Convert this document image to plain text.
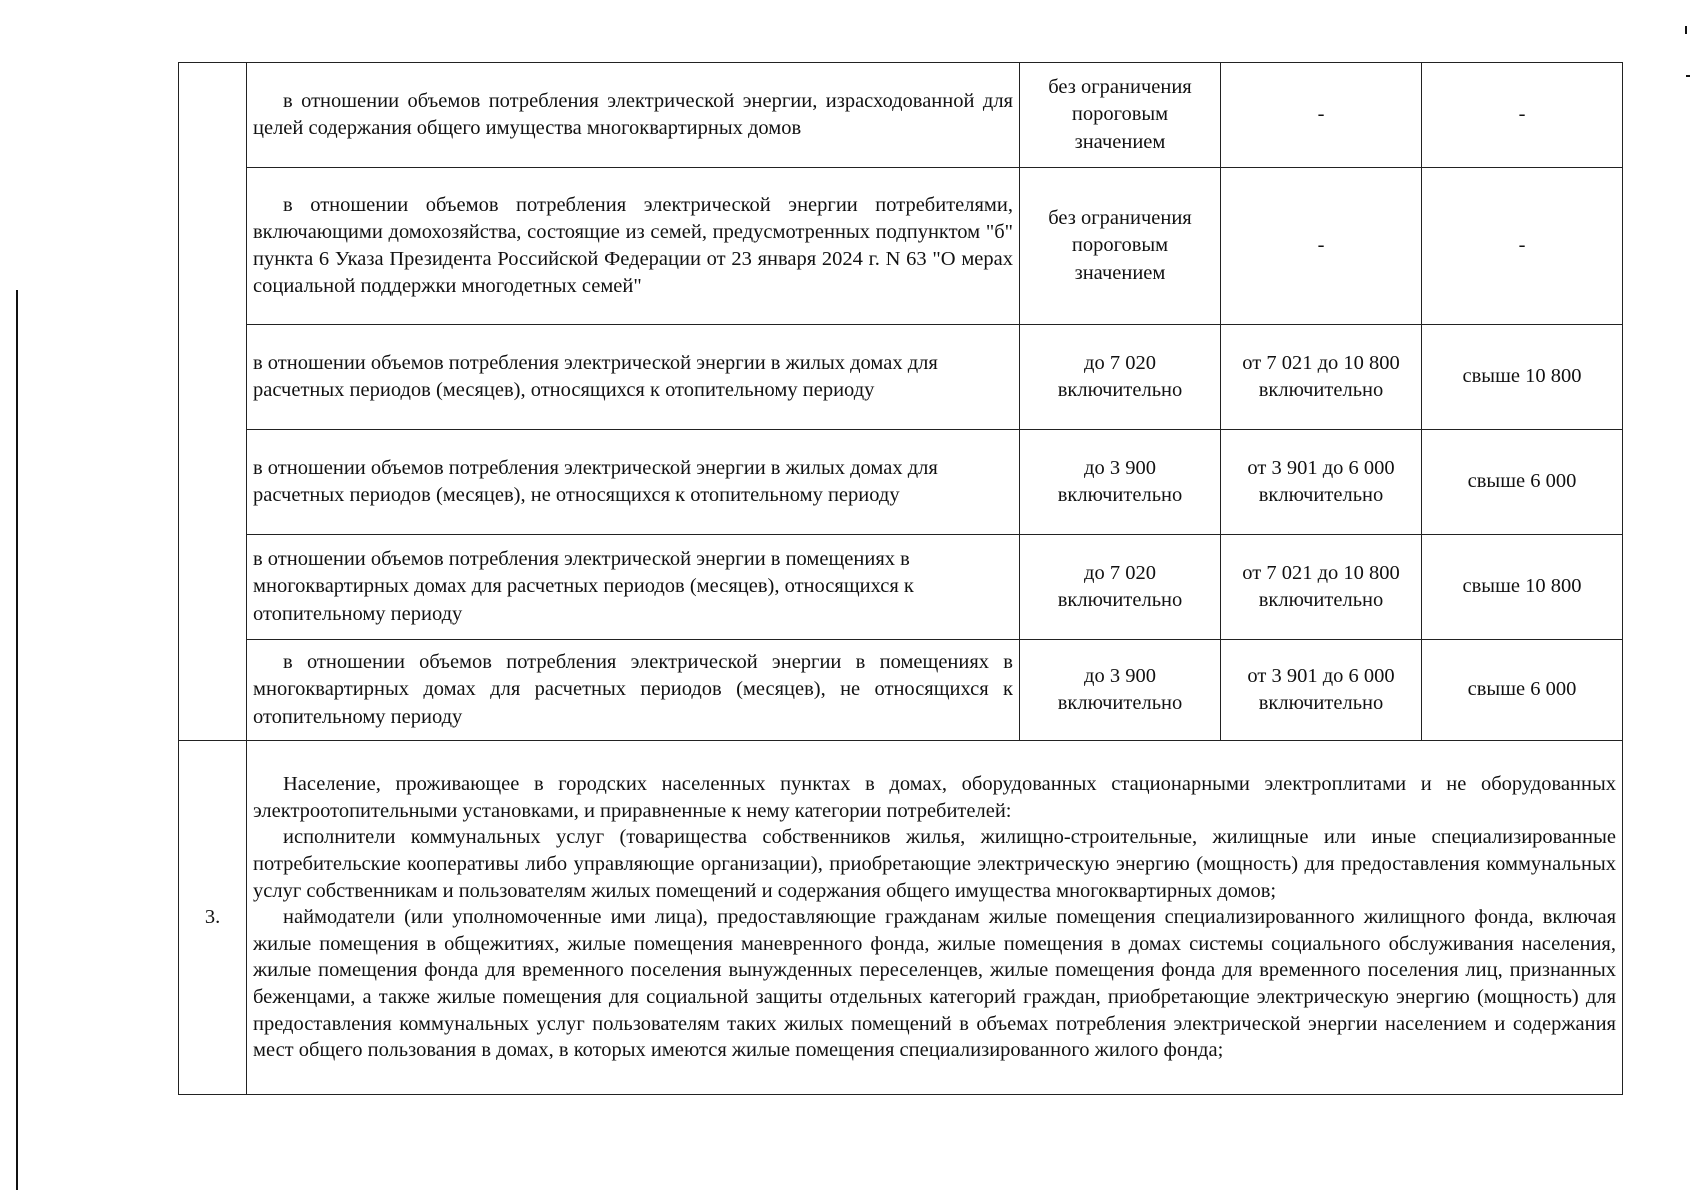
	в отношении объемов потребления электрической энергии, израсходованной для целей содержания общего имущества многоквартирных домов	без ограничения пороговым значением	-	-
	в отношении объемов потребления электрической энергии потребителями, включающими домохозяйства, состоящие из семей, предусмотренных подпунктом "б" пункта 6 Указа Президента Российской Федерации от 23 января 2024 г. N 63 "О мерах социальной поддержки многодетных семей"	без ограничения пороговым значением	-	-
	в отношении объемов потребления электрической энергии в жилых домах для расчетных периодов (месяцев), относящихся к отопительному периоду	до 7 020 включительно	от 7 021 до 10 800 включительно	свыше 10 800
	в отношении объемов потребления электрической энергии в жилых домах для расчетных периодов (месяцев), не относящихся к отопительному периоду	до 3 900 включительно	от 3 901 до 6 000 включительно	свыше 6 000
	в отношении объемов потребления электрической энергии в помещениях в многоквартирных домах для расчетных периодов (месяцев), относящихся к отопительному периоду	до 7 020 включительно	от 7 021 до 10 800 включительно	свыше 10 800
	в отношении объемов потребления электрической энергии в помещениях в многоквартирных домах для расчетных периодов (месяцев), не относящихся к отопительному периоду	до 3 900 включительно	от 3 901 до 6 000 включительно	свыше 6 000
3.	Население, проживающее в городских населенных пунктах в домах, оборудованных стационарными электроплитами и не оборудованных электроотопительными установками, и приравненные к нему категории потребителей:

исполнители коммунальных услуг (товарищества собственников жилья, жилищно-строительные, жилищные или иные специализированные потребительские кооперативы либо управляющие организации), приобретающие электрическую энергию (мощность) для предоставления коммунальных услуг собственникам и пользователям жилых помещений и содержания общего имущества многоквартирных домов;

наймодатели (или уполномоченные ими лица), предоставляющие гражданам жилые помещения специализированного жилищного фонда, включая жилые помещения в общежитиях, жилые помещения маневренного фонда, жилые помещения в домах системы социального обслуживания населения, жилые помещения фонда для временного поселения вынужденных переселенцев, жилые помещения фонда для временного поселения лиц, признанных беженцами, а также жилые помещения для социальной защиты отдельных категорий граждан, приобретающие электрическую энергию (мощность) для предоставления коммунальных услуг пользователям таких жилых помещений в объемах потребления электрической энергии населением и содержания мест общего пользования в домах, в которых имеются жилые помещения специализированного жилого фонда;			
